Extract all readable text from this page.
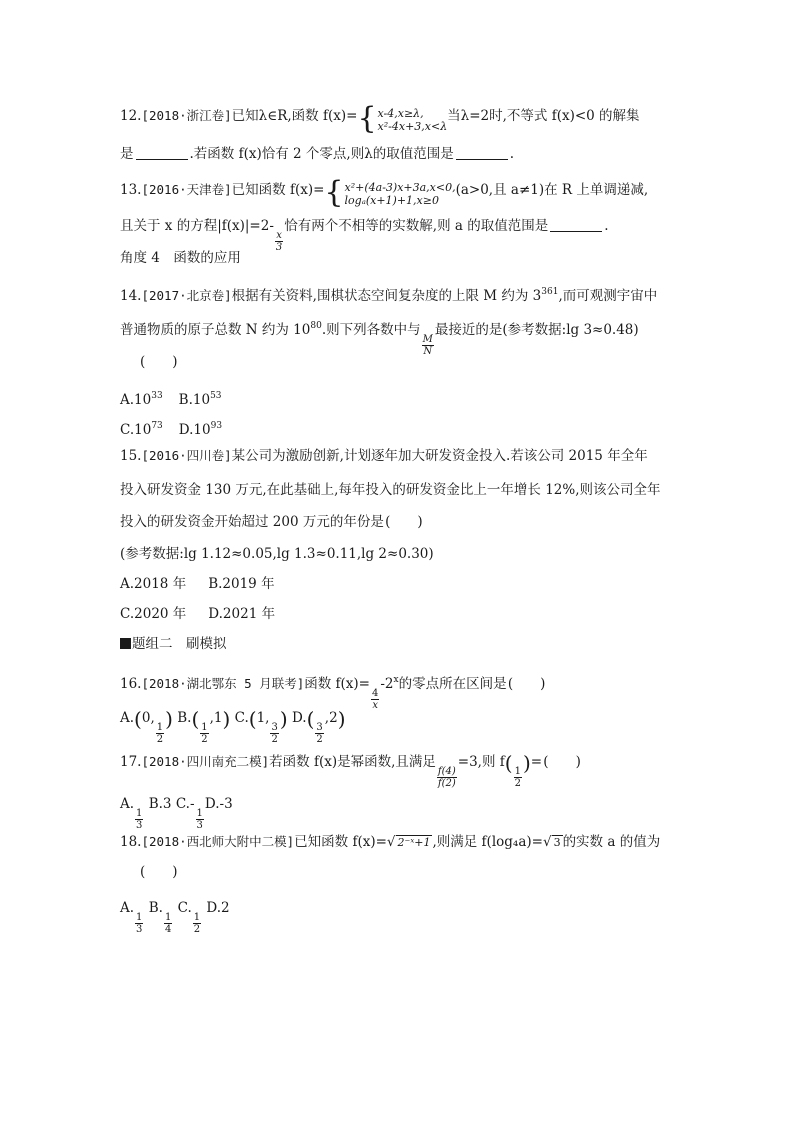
12.[2018·浙江卷]已知λ∈R,函数 f(x)={ x-4,x≥λ,
x²-4x+3,x<λ
当λ=2时,不等式 f(x)<0 的解集
是	.若函数 f(x)恰有 2 个零点,则λ的取值范围是	.
13.[2016·天津卷]已知函数 f(x)={ x²+(4a-3)x+3a,x<0,
logₐ(x+1)+1,x≥0
(a>0,且 a≠1)在 R 上单调递减,
且关于 x 的方程|f(x)|=2-
$\frac{x}{3}$
恰有两个不相等的实数解,则 a 的取值范围是	.
角度 4　函数的应用
14.[2017·北京卷]根据有关资料,围棋状态空间复杂度的上限 M 约为 $3^{361}$,而可观测宇宙中
普通物质的原子总数 N 约为 $10^{80}$.则下列各数中与
$\frac{M}{N}$
最接近的是(参考数据:lg 3≈0.48)
(　　)
$A.10^{33}$ $B.10^{53}$
$C.10^{73}$ $D.10^{93}$
15.[2016·四川卷]某公司为激励创新,计划逐年加大研发资金投入.若该公司 2015 年全年
投入研发资金 130 万元,在此基础上,每年投入的研发资金比上一年增长 12%,则该公司全年
投入的研发资金开始超过 200 万元的年份是(　　)
(参考数据:lg 1.12≈0.05,lg 1.3≈0.11,lg 2≈0.30)
A.2018 年 B.2019 年
C.2020 年 D.2021 年
题组二　刷模拟
16.[2018·湖北鄂东 5 月联考]函数 f(x)=
$\frac{4}{x}$
-2$^x$的零点所在区间是(　　)
A.(0,
$\frac{1}{2}$
) B.(
$\frac{1}{2}$
,1) C.(1,
$\frac{3}{2}$
) D.(
$\frac{3}{2}$
,2)
17.[2018·四川南充二模]若函数 f(x)是幂函数,且满足
$\frac{f(4)}{f(2)}$
=3,则 f(
$\frac{1}{2}$
)=(　　)
A.
$\frac{1}{3}$
B.3 C.-
$\frac{1}{3}$
D.-3
18.[2018·西北师大附中二模]已知函数 f(x)=√ 2⁻ˣ+1 ,则满足 f(log₄a)=√ 3 的实数 a 的值为
(　　)
A.
$\frac{1}{3}$
B.
$\frac{1}{4}$
C.
$\frac{1}{2}$
D.2
